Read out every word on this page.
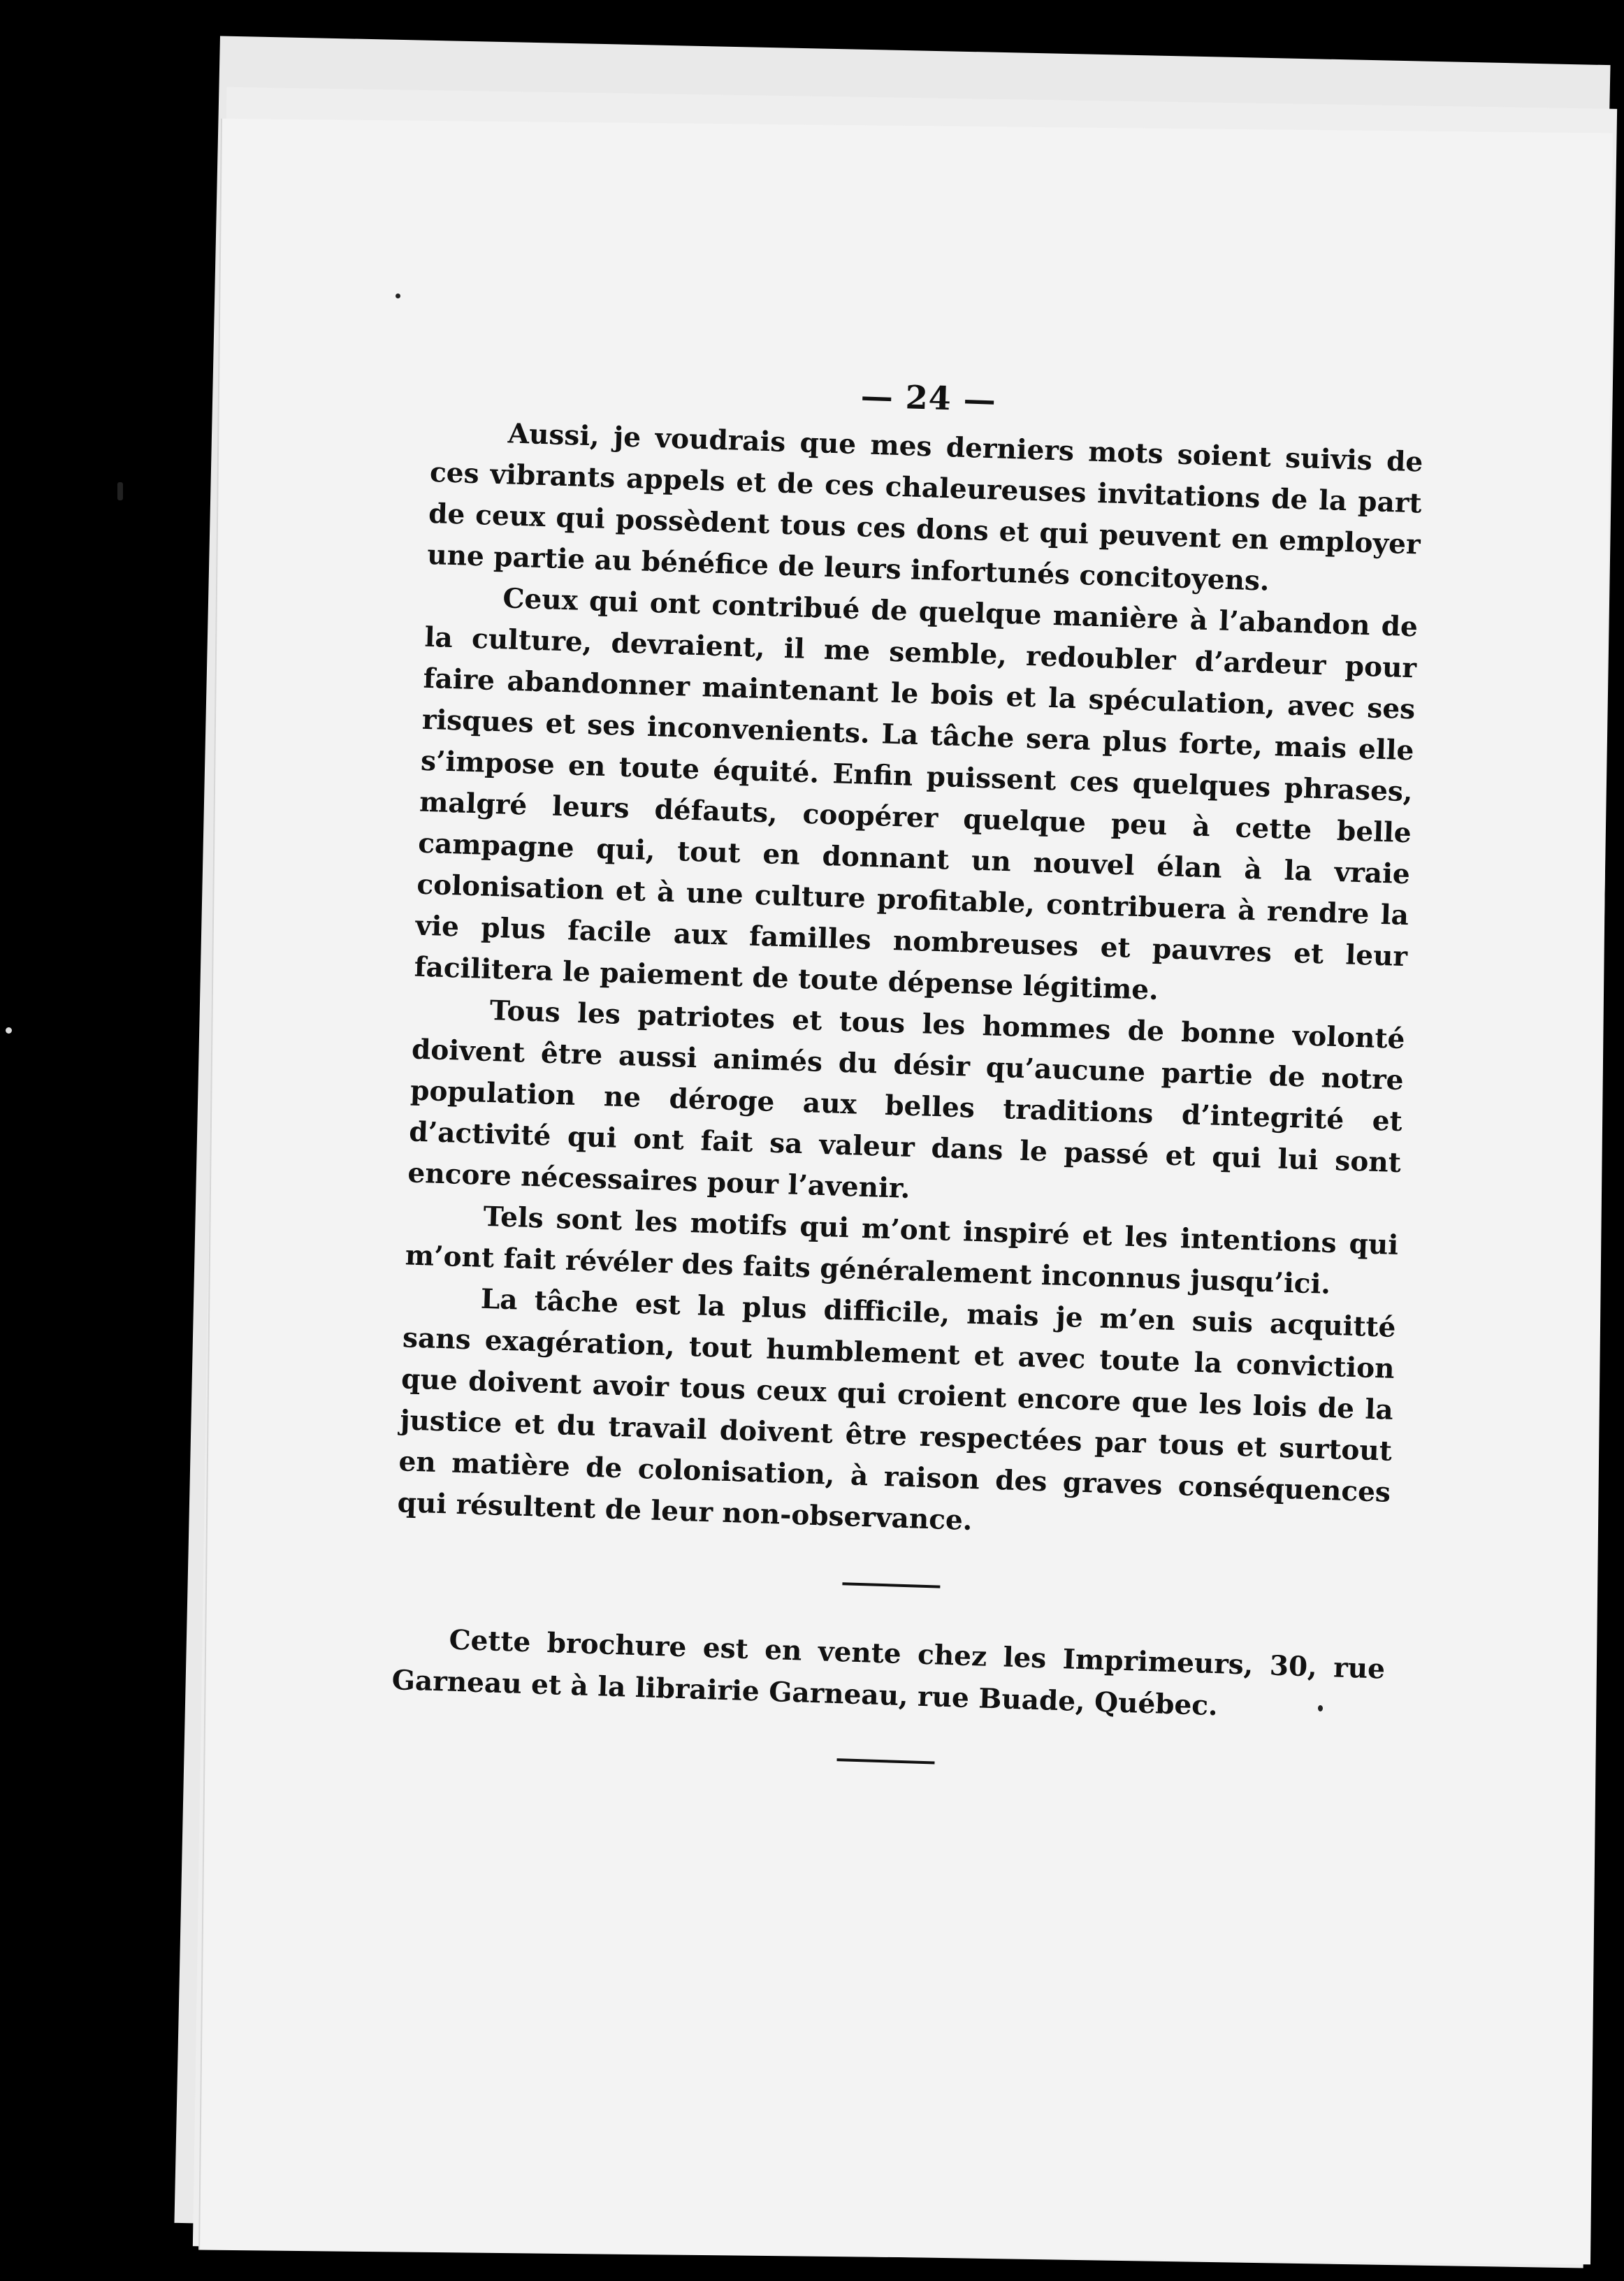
— 24 —

Aussi, je voudrais que mes derniers mots soient suivis de ces vibrants appels et de ces chaleureuses invitations de la part de ceux qui possèdent tous ces dons et qui peuvent en employer une partie au bénéfice de leurs infortunés concitoyens.

Ceux qui ont contribué de quelque manière à l’abandon de la culture, devraient, il me semble, redoubler d’ardeur pour faire abandonner maintenant le bois et la spéculation, avec ses risques et ses inconvenients. La tâche sera plus forte, mais elle s’impose en toute équité. Enfin puissent ces quelques phrases, malgré leurs défauts, coopérer quelque peu à cette belle campagne qui, tout en donnant un nouvel élan à la vraie colonisation et à une culture profitable, contribuera à rendre la vie plus facile aux familles nombreuses et pauvres et leur facilitera le paiement de toute dépense légitime.

Tous les patriotes et tous les hommes de bonne volonté doivent être aussi animés du désir qu’aucune partie de notre population ne déroge aux belles traditions d’integrité et d’activité qui ont fait sa valeur dans le passé et qui lui sont encore nécessaires pour l’avenir.

Tels sont les motifs qui m’ont inspiré et les intentions qui m’ont fait révéler des faits généralement inconnus jusqu’ici.

La tâche est la plus difficile, mais je m’en suis acquitté sans exagération, tout humblement et avec toute la conviction que doivent avoir tous ceux qui croient encore que les lois de la justice et du travail doivent être respectées par tous et surtout en matière de colonisation, à raison des graves conséquences qui résultent de leur non-observance.

Cette brochure est en vente chez les Imprimeurs, 30, rue Garneau et à la librairie Garneau, rue Buade, Québec.
